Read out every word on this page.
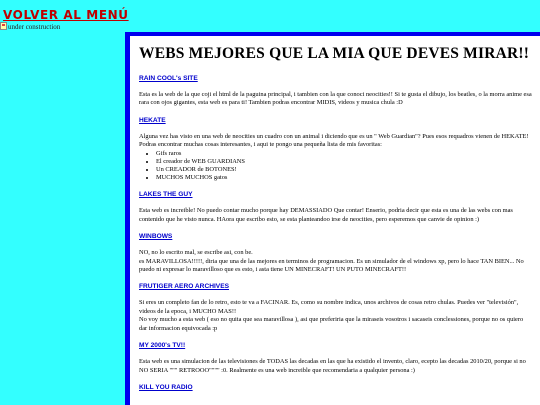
VOLVER AL MENÚ
under construction
WEBS MEJORES QUE LA MIA QUE DEVES MIRAR!!
RAIN COOL's SITE

Esta es la web de la que coji el html de la paguina principal, i tambien con la que conoci neocities!! Si te gusta el dibujo, los beatles, o la morra anime esa rara con ojos gigantes, esta web es para ti! Tambien podras encontrar MIDIS, videos y musica chula :D

HEKATE

Alguna vez has visto en una web de neocities un cuadro con un animal i diciendo que es un " Web Guardian"? Pues esos requadros vienen de HEKATE!

Podras encontrar muchas cosas interesantes, i aqui te pongo una pequeña lista de mis favoritas:

• Gifs raros
• El creador de WEB GUARDIANS
• Un CREADOR de BOTONES!
• MUCHOS MUCHOS gatos
LAKES THE GUY

Esta web es increible! No puedo contar mucho porque hay DEMASSIADO Que contar! Enserio, podria decir que esta es una de las webs con mas contenido que he visto nunca. HAora que escribo esto, se esta planteandoo irse de neocities, pero esperemos que canvie de opinion :)

WINBOWS

NO, no lo escrito mal, se escribe asi, con be.

es MARAVILLOSA!!!!!, diria que una de las mejores en terminos de programacion. Es un simulador de el windows xp, pero lo hace TAN BIEN... No puedo ni expresar lo maravilloso que es esto, i asta tiene UN MINECRAFT! UN PUTO MINECRAFT!!

FRUTIGER AERO ARCHIVES

Si eres un completo fan de lo retro, esto te va a FACINAR. Es, como su nombre indica, unos archivos de cosas retro chulas. Puedes ver "televisión", videos de la epoca, i MUCHO MAS!!

No voy mucho a esta web ( eso no quita que sea maravillosa ), asi que preferiria que la miraseis vosotros i sacaseis conclessiones, porque no os quiero dar informacion equivocada :p

MY 2000's TV!!

Esta web es una simulacion de las televisiones de TODAS las decadas en las que ha existido el invento, claro, ecepto las decadas 2010/20, porque si no NO SERIA """ RETROOO"""" :0. Realmente es una web increible que recomendaria a qualquier persona :)

KILL YOU RADIO
